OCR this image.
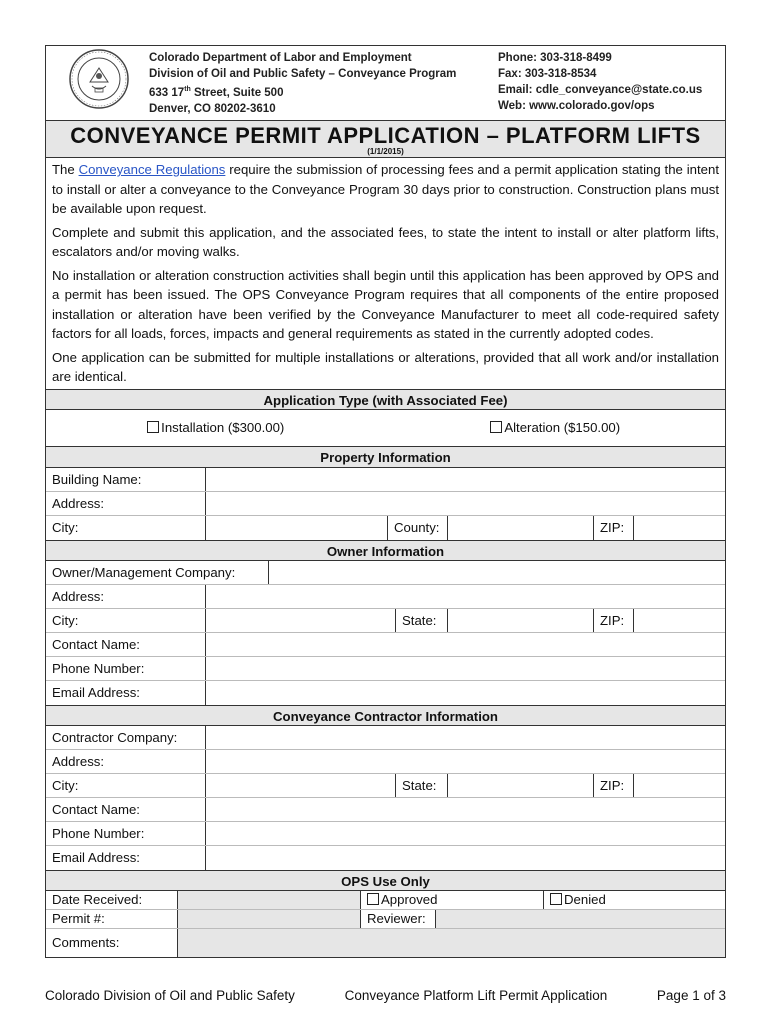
Colorado Department of Labor and Employment
Division of Oil and Public Safety – Conveyance Program
633 17th Street, Suite 500
Denver, CO 80202-3610
Phone: 303-318-8499
Fax: 303-318-8534
Email: cdle_conveyance@state.co.us
Web: www.colorado.gov/ops
CONVEYANCE PERMIT APPLICATION – PLATFORM LIFTS
(1/1/2015)

The Conveyance Regulations require the submission of processing fees and a permit application stating the intent to install or alter a conveyance to the Conveyance Program 30 days prior to construction. Construction plans must be available upon request.

Complete and submit this application, and the associated fees, to state the intent to install or alter platform lifts, escalators and/or moving walks.

No installation or alteration construction activities shall begin until this application has been approved by OPS and a permit has been issued. The OPS Conveyance Program requires that all components of the entire proposed installation or alteration have been verified by the Conveyance Manufacturer to meet all code-required safety factors for all loads, forces, impacts and general requirements as stated in the currently adopted codes.

One application can be submitted for multiple installations or alterations, provided that all work and/or installation are identical.

Application Type (with Associated Fee)
Installation ($300.00)	Alteration ($150.00)
Property Information
Building Name:
Address:
City:	County:	ZIP:
Owner Information
Owner/Management Company:
Address:
City:	State:	ZIP:
Contact Name:
Phone Number:
Email Address:
Conveyance Contractor Information
Contractor Company:
Address:
City:	State:	ZIP:
Contact Name:
Phone Number:
Email Address:
OPS Use Only
Date Received:	Approved	Denied
Permit #:	Reviewer:
Comments:
Colorado Division of Oil and Public Safety	Conveyance Platform Lift Permit Application	Page 1 of 3
